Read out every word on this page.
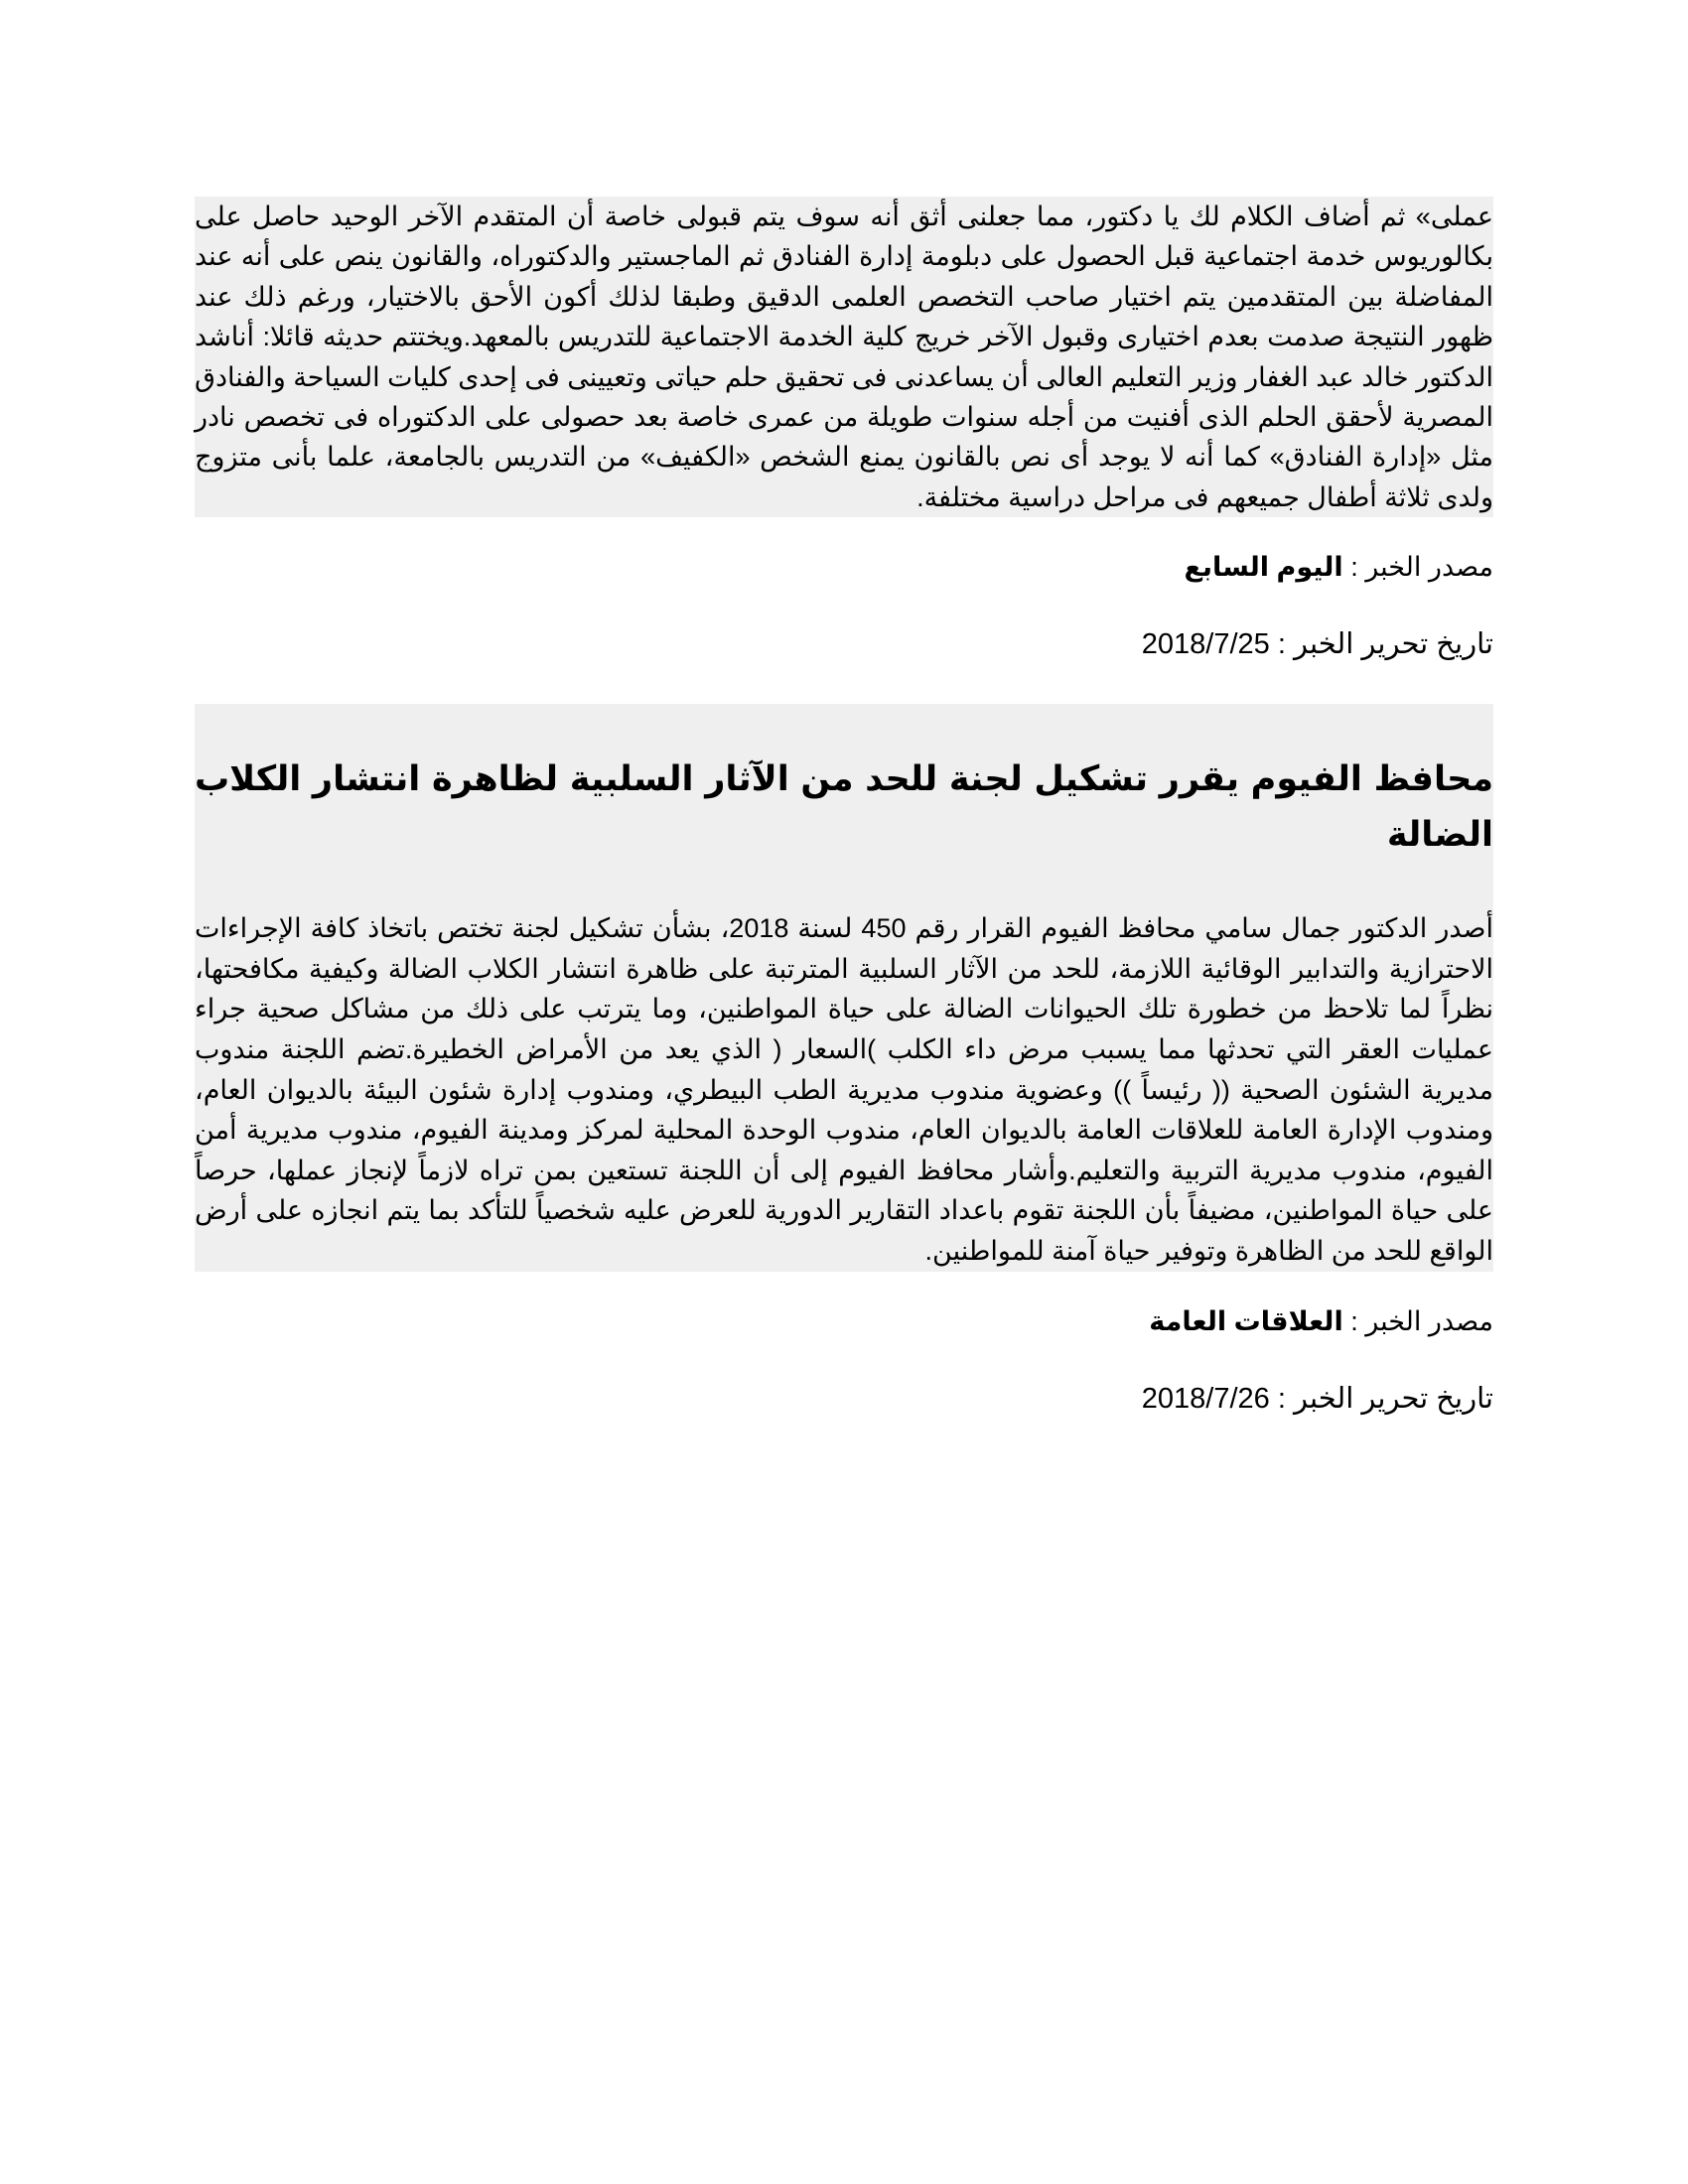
عملى» ثم أضاف الكلام لك يا دكتور، مما جعلنى أثق أنه سوف يتم قبولى خاصة أن المتقدم الآخر الوحيد حاصل على بكالوريوس خدمة اجتماعية قبل الحصول على دبلومة إدارة الفنادق ثم الماجستير والدكتوراه، والقانون ينص على أنه عند المفاضلة بين المتقدمين يتم اختيار صاحب التخصص العلمى الدقيق وطبقا لذلك أكون الأحق بالاختيار، ورغم ذلك عند ظهور النتيجة صدمت بعدم اختيارى وقبول الآخر خريج كلية الخدمة الاجتماعية للتدريس بالمعهد.ويختتم حديثه قائلا: أناشد الدكتور خالد عبد الغفار وزير التعليم العالى أن يساعدنى فى تحقيق حلم حياتى وتعيينى فى إحدى كليات السياحة والفنادق المصرية لأحقق الحلم الذى أفنيت من أجله سنوات طويلة من عمرى خاصة بعد حصولى على الدكتوراه فى تخصص نادر مثل «إدارة الفنادق» كما أنه لا يوجد أى نص بالقانون يمنع الشخص «الكفيف» من التدريس بالجامعة، علما بأنى متزوج ولدى ثلاثة أطفال جميعهم فى مراحل دراسية مختلفة.

مصدر الخبر : اليوم السابع

تاريخ تحرير الخبر : 2018/7/25

محافظ الفيوم يقرر تشكيل لجنة للحد من الآثار السلبية لظاهرة انتشار الكلاب الضالة

أصدر الدكتور جمال سامي محافظ الفيوم القرار رقم 450 لسنة 2018، بشأن تشكيل لجنة تختص باتخاذ كافة الإجراءات الاحترازية والتدابير الوقائية اللازمة، للحد من الآثار السلبية المترتبة على ظاهرة انتشار الكلاب الضالة وكيفية مكافحتها، نظراً لما تلاحظ من خطورة تلك الحيوانات الضالة على حياة المواطنين، وما يترتب على ذلك من مشاكل صحية جراء عمليات العقر التي تحدثها مما يسبب مرض داء الكلب )السعار ( الذي يعد من الأمراض الخطيرة.تضم اللجنة مندوب مديرية الشئون الصحية (( رئيساً )) وعضوية مندوب مديرية الطب البيطري، ومندوب إدارة شئون البيئة بالديوان العام، ومندوب الإدارة العامة للعلاقات العامة بالديوان العام، مندوب الوحدة المحلية لمركز ومدينة الفيوم، مندوب مديرية أمن الفيوم، مندوب مديرية التربية والتعليم.وأشار محافظ الفيوم إلى أن اللجنة تستعين بمن تراه لازماً لإنجاز عملها، حرصاً على حياة المواطنين، مضيفاً بأن اللجنة تقوم باعداد التقارير الدورية للعرض عليه شخصياً للتأكد بما يتم انجازه على أرض الواقع للحد من الظاهرة وتوفير حياة آمنة للمواطنين.

مصدر الخبر : العلاقات العامة

تاريخ تحرير الخبر : 2018/7/26
